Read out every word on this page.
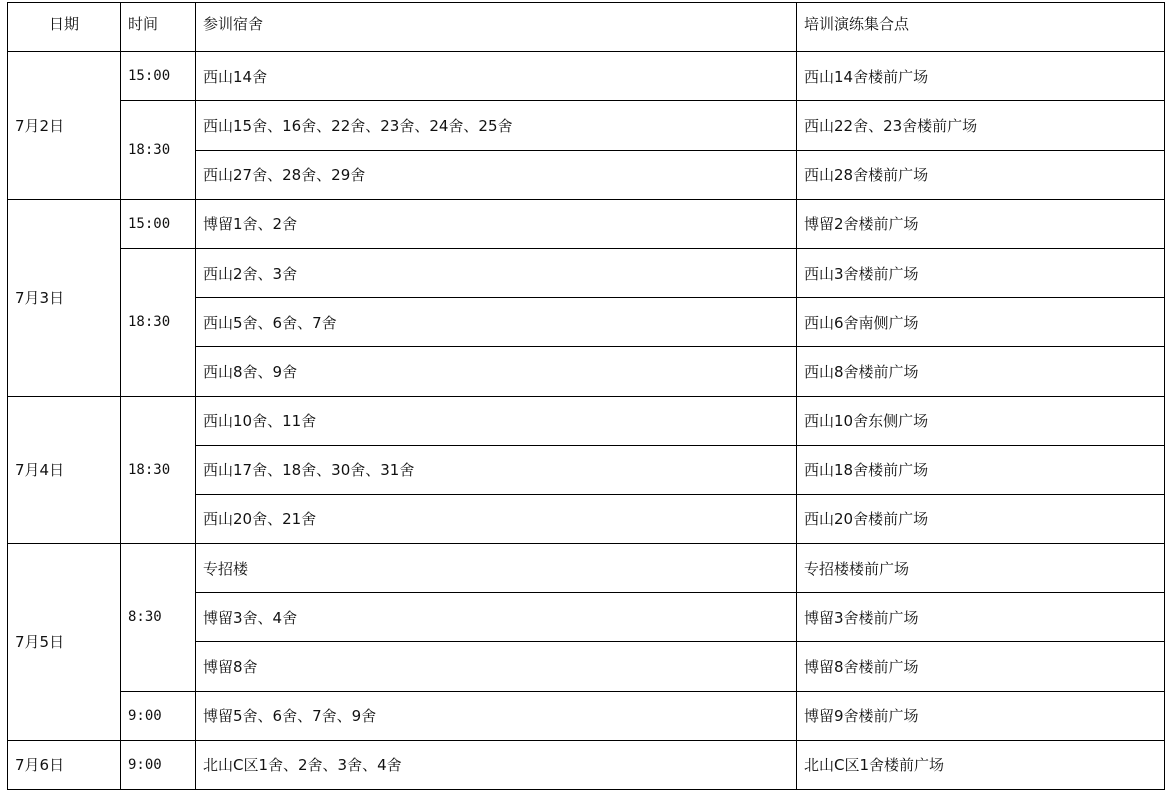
日期	时间	参训宿舍	培训演练集合点
7月2日	15:00	西山14舍	西山14舍楼前广场
	18:30	西山15舍、16舍、22舍、23舍、24舍、25舍	西山22舍、23舍楼前广场
		西山27舍、28舍、29舍	西山28舍楼前广场
7月3日	15:00	博留1舍、2舍	博留2舍楼前广场
	18:30	西山2舍、3舍	西山3舍楼前广场
		西山5舍、6舍、7舍	西山6舍南侧广场
		西山8舍、9舍	西山8舍楼前广场
7月4日	18:30	西山10舍、11舍	西山10舍东侧广场
		西山17舍、18舍、30舍、31舍	西山18舍楼前广场
		西山20舍、21舍	西山20舍楼前广场
7月5日	8:30	专招楼	专招楼楼前广场
		博留3舍、4舍	博留3舍楼前广场
		博留8舍	博留8舍楼前广场
	9:00	博留5舍、6舍、7舍、9舍	博留9舍楼前广场
7月6日	9:00	北山C区1舍、2舍、3舍、4舍	北山C区1舍楼前广场
